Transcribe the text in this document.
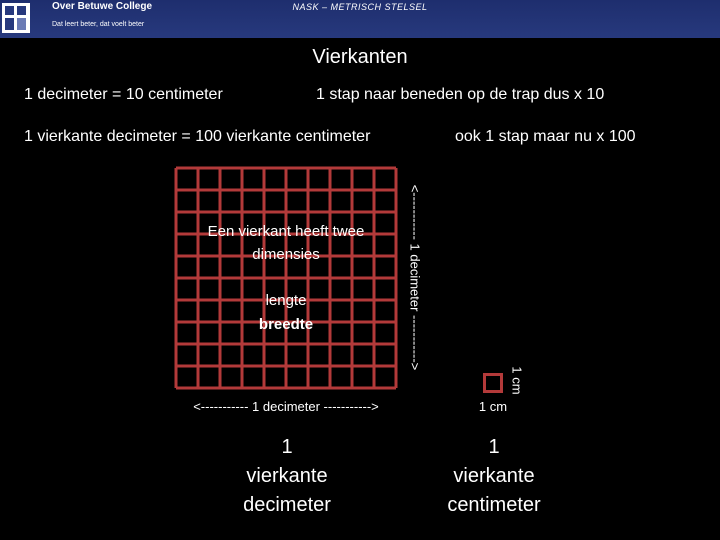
Over Betuwe College
Dat leert beter, dat voelt beter
NASK – METRISCH STELSEL
Vierkanten
1 decimeter = 10 centimeter	1 stap naar beneden op de trap dus x 10
1 vierkante decimeter = 100 vierkante centimeter	ook 1 stap maar nu x 100
Een vierkant heeft twee dimensies
lengte
breedte	<----------- 1 decimeter ----------->
<----------- 1 decimeter ----------->
1 cm
1 cm
1
vierkante
decimeter
1
vierkante
centimeter
